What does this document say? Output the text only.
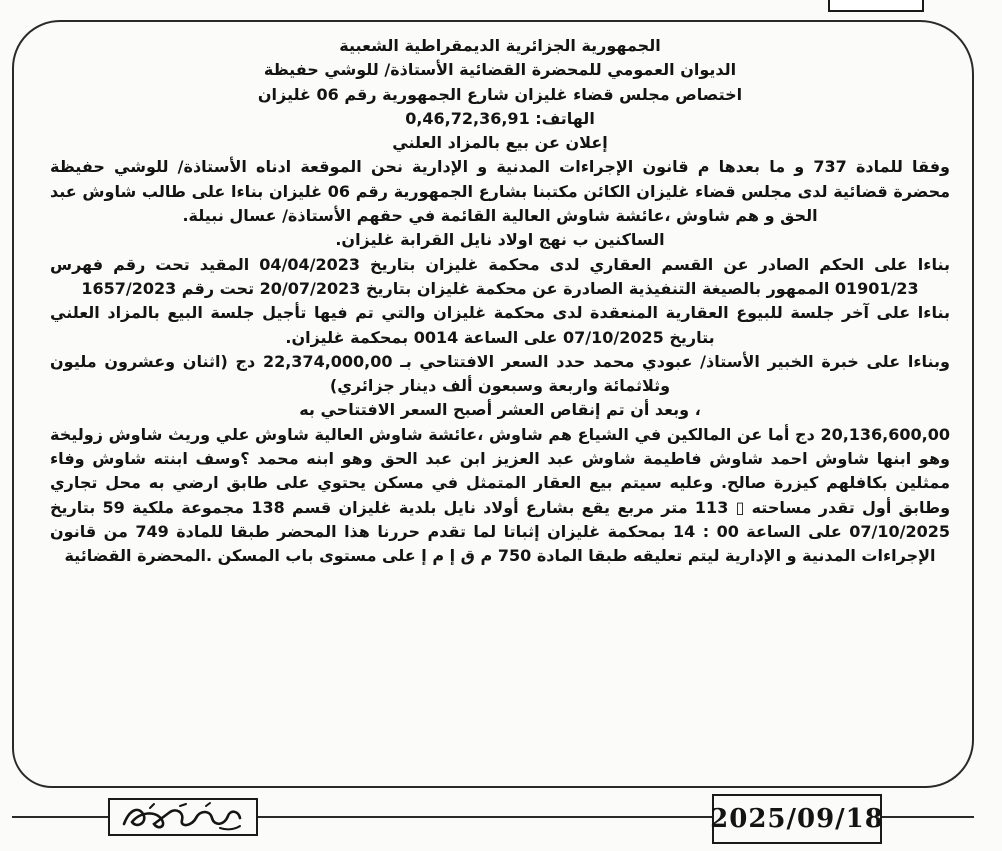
الجمهورية الجزائرية الديمقراطية الشعبية

الديوان العمومي للمحضرة القضائية الأستاذة/ للوشي حفيظة

اختصاص مجلس قضاء غليزان شارع الجمهورية رقم 06 غليزان

الهاتف: 0,46,72,36,91

إعلان عن بيع بالمزاد العلني

وفقا للمادة 737 و ما بعدها م قانون الإجراءات المدنية و الإدارية نحن الموقعة ادناه الأستاذة/ للوشي حفيظة محضرة قضائية لدى مجلس قضاء غليزان الكائن مكتبنا بشارع الجمهورية رقم 06 غليزان بناءا على طالب شاوش عبد الحق و هم شاوش ،عائشة شاوش العالية القائمة في حقهم الأستاذة/ عسال نبيلة.

الساكنين ب نهج اولاد نايل القرابة غليزان.

بناءا على الحكم الصادر عن القسم العقاري لدى محكمة غليزان بتاريخ 04/04/2023 المقيد تحت رقم فهرس 01901/23 الممهور بالصيغة التنفيذية الصادرة عن محكمة غليزان بتاريخ 20/07/2023 تحت رقم 1657/2023

بناءا على آخر جلسة للبيوع العقارية المنعقدة لدى محكمة غليزان والتي تم فيها تأجيل جلسة البيع بالمزاد العلني بتاريخ 07/10/2025 على الساعة 0014 بمحكمة غليزان.

وبناءا على خبرة الخبير الأستاذ/ عبودي محمد حدد السعر الافتتاحي بـ 22,374,000,00 دج (اثنان وعشرون مليون وثلاثمائة واربعة وسبعون ألف دينار جزائري)

، وبعد أن تم إنقاص العشر أصبح السعر الافتتاحي به

20,136,600,00 دج أما عن المالكين في الشياع هم شاوش ،عائشة شاوش العالية شاوش علي وريث شاوش زوليخة وهو ابنها شاوش احمد شاوش فاطيمة شاوش عبد العزيز ابن عبد الحق وهو ابنه محمد ؟وسف ابنته شاوش وفاء ممثلين بكافلهم كيزرة صالح. وعليه سيتم بيع العقار المتمثل في مسكن يحتوي على طابق ارضي به محل تجاري وطابق أول تقدر مساحته ▯ 113 متر مربع يقع بشارع أولاد نايل بلدية غليزان قسم 138 مجموعة ملكية 59 بتاريخ 07/10/2025 على الساعة 00 : 14 بمحكمة غليزان إثباتا لما تقدم حررنا هذا المحضر طبقا للمادة 749 من قانون الإجراءات المدنية و الإدارية ليتم تعليقه طبقا المادة 750 م ق إ م إ على مستوى باب المسكن .المحضرة القضائية

2025/09/18
